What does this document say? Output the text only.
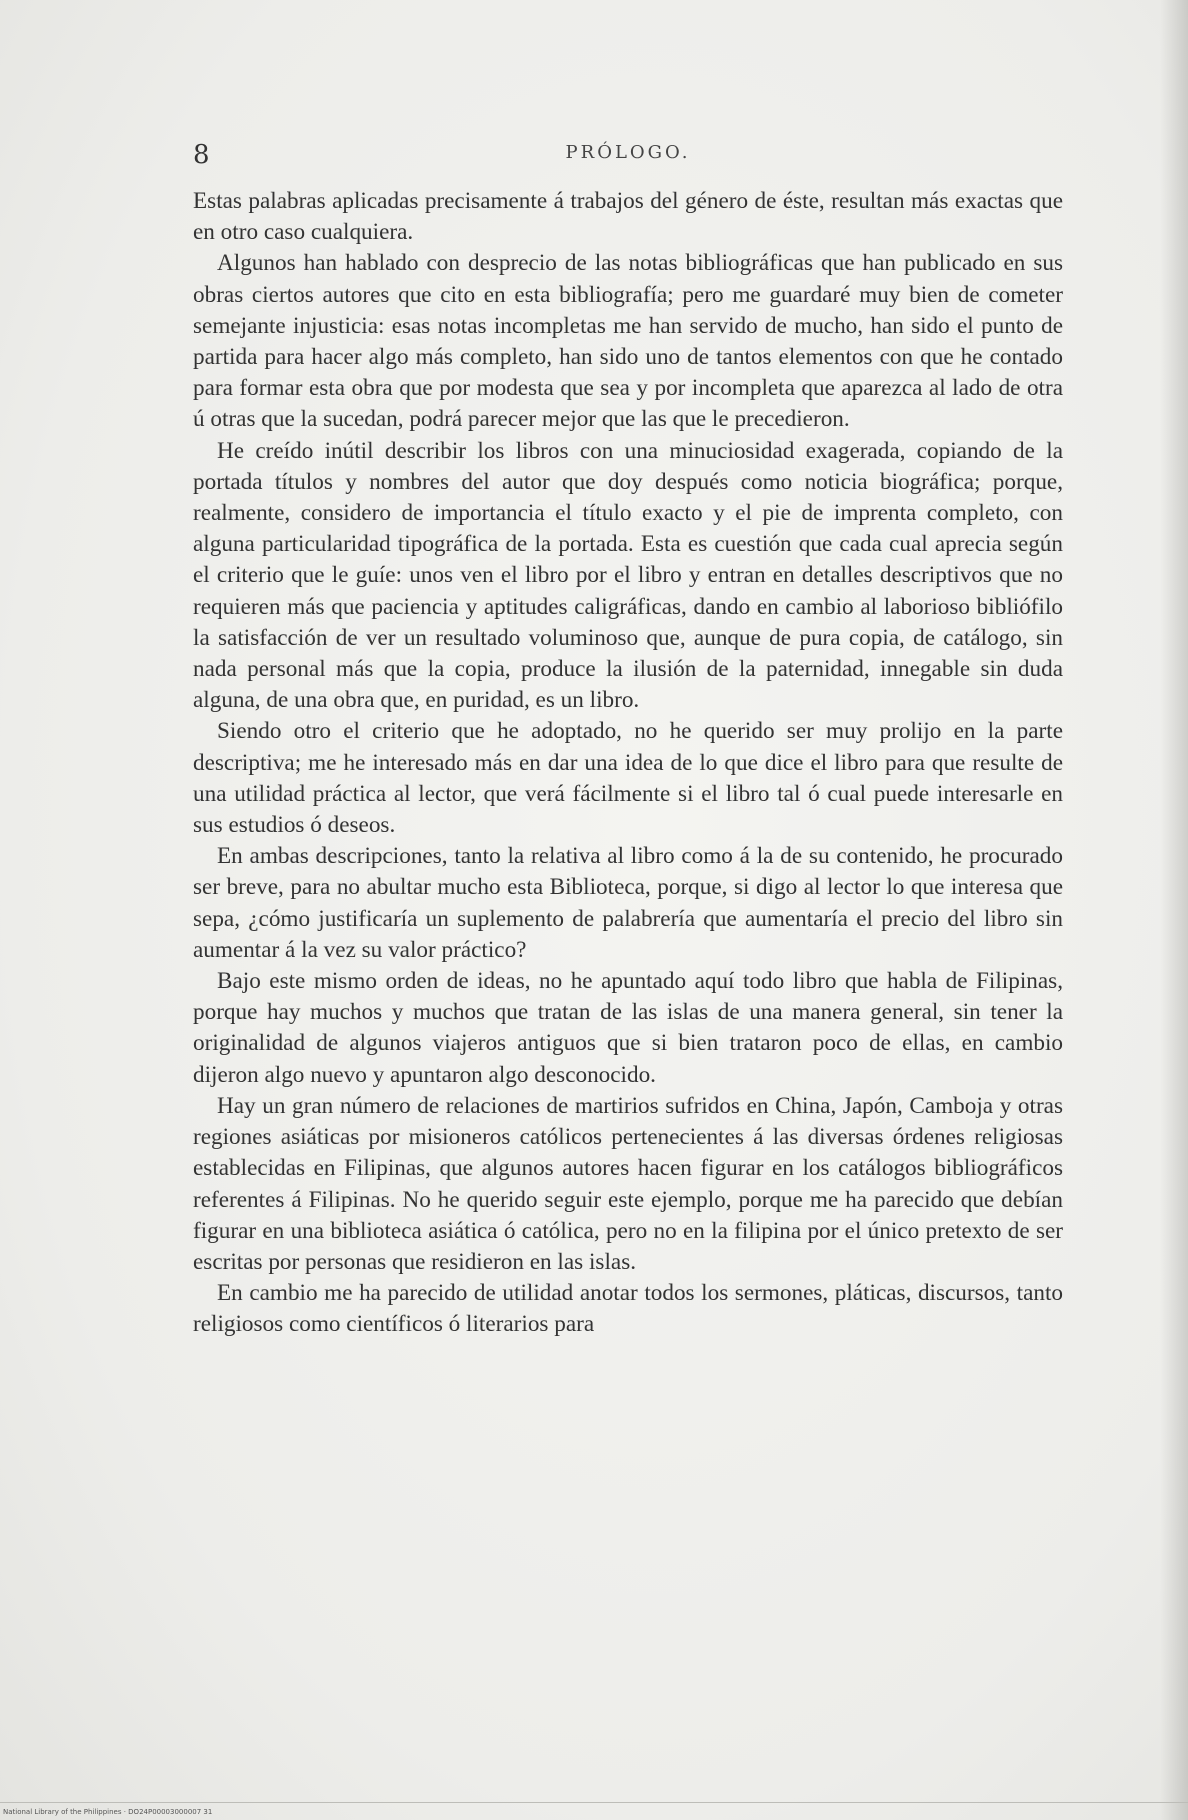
8	PRÓLOGO.

Estas palabras aplicadas precisamente á trabajos del género de éste, resultan más exactas que en otro caso cualquiera.

Algunos han hablado con desprecio de las notas bibliográficas que han publicado en sus obras ciertos autores que cito en esta bibliografía; pero me guardaré muy bien de cometer semejante injusticia: esas notas incompletas me han servido de mucho, han sido el punto de partida para hacer algo más completo, han sido uno de tantos elementos con que he contado para formar esta obra que por modesta que sea y por incompleta que aparezca al lado de otra ú otras que la sucedan, podrá parecer mejor que las que le precedieron.

He creído inútil describir los libros con una minuciosidad exagerada, copiando de la portada títulos y nombres del autor que doy después como noticia biográfica; porque, realmente, considero de importancia el título exacto y el pie de imprenta completo, con alguna particularidad tipográfica de la portada. Esta es cuestión que cada cual aprecia según el criterio que le guíe: unos ven el libro por el libro y entran en detalles descriptivos que no requieren más que paciencia y aptitudes caligráficas, dando en cambio al laborioso bibliófilo la satisfacción de ver un resultado voluminoso que, aunque de pura copia, de catálogo, sin nada personal más que la copia, produce la ilusión de la paternidad, innegable sin duda alguna, de una obra que, en puridad, es un libro.

Siendo otro el criterio que he adoptado, no he querido ser muy prolijo en la parte descriptiva; me he interesado más en dar una idea de lo que dice el libro para que resulte de una utilidad práctica al lector, que verá fácilmente si el libro tal ó cual puede interesarle en sus estudios ó deseos.

En ambas descripciones, tanto la relativa al libro como á la de su contenido, he procurado ser breve, para no abultar mucho esta Biblioteca, porque, si digo al lector lo que interesa que sepa, ¿cómo justificaría un suplemento de palabrería que aumentaría el precio del libro sin aumentar á la vez su valor práctico?

Bajo este mismo orden de ideas, no he apuntado aquí todo libro que habla de Filipinas, porque hay muchos y muchos que tratan de las islas de una manera general, sin tener la originalidad de algunos viajeros antiguos que si bien trataron poco de ellas, en cambio dijeron algo nuevo y apuntaron algo desconocido.

Hay un gran número de relaciones de martirios sufridos en China, Japón, Camboja y otras regiones asiáticas por misioneros católicos pertenecientes á las diversas órdenes religiosas establecidas en Filipinas, que algunos autores hacen figurar en los catálogos bibliográficos referentes á Filipinas. No he querido seguir este ejemplo, porque me ha parecido que debían figurar en una biblioteca asiática ó católica, pero no en la filipina por el único pretexto de ser escritas por personas que residieron en las islas.

En cambio me ha parecido de utilidad anotar todos los sermones, pláticas, discursos, tanto religiosos como científicos ó literarios para

National Library of the Philippines · DO24P00003000007 31
